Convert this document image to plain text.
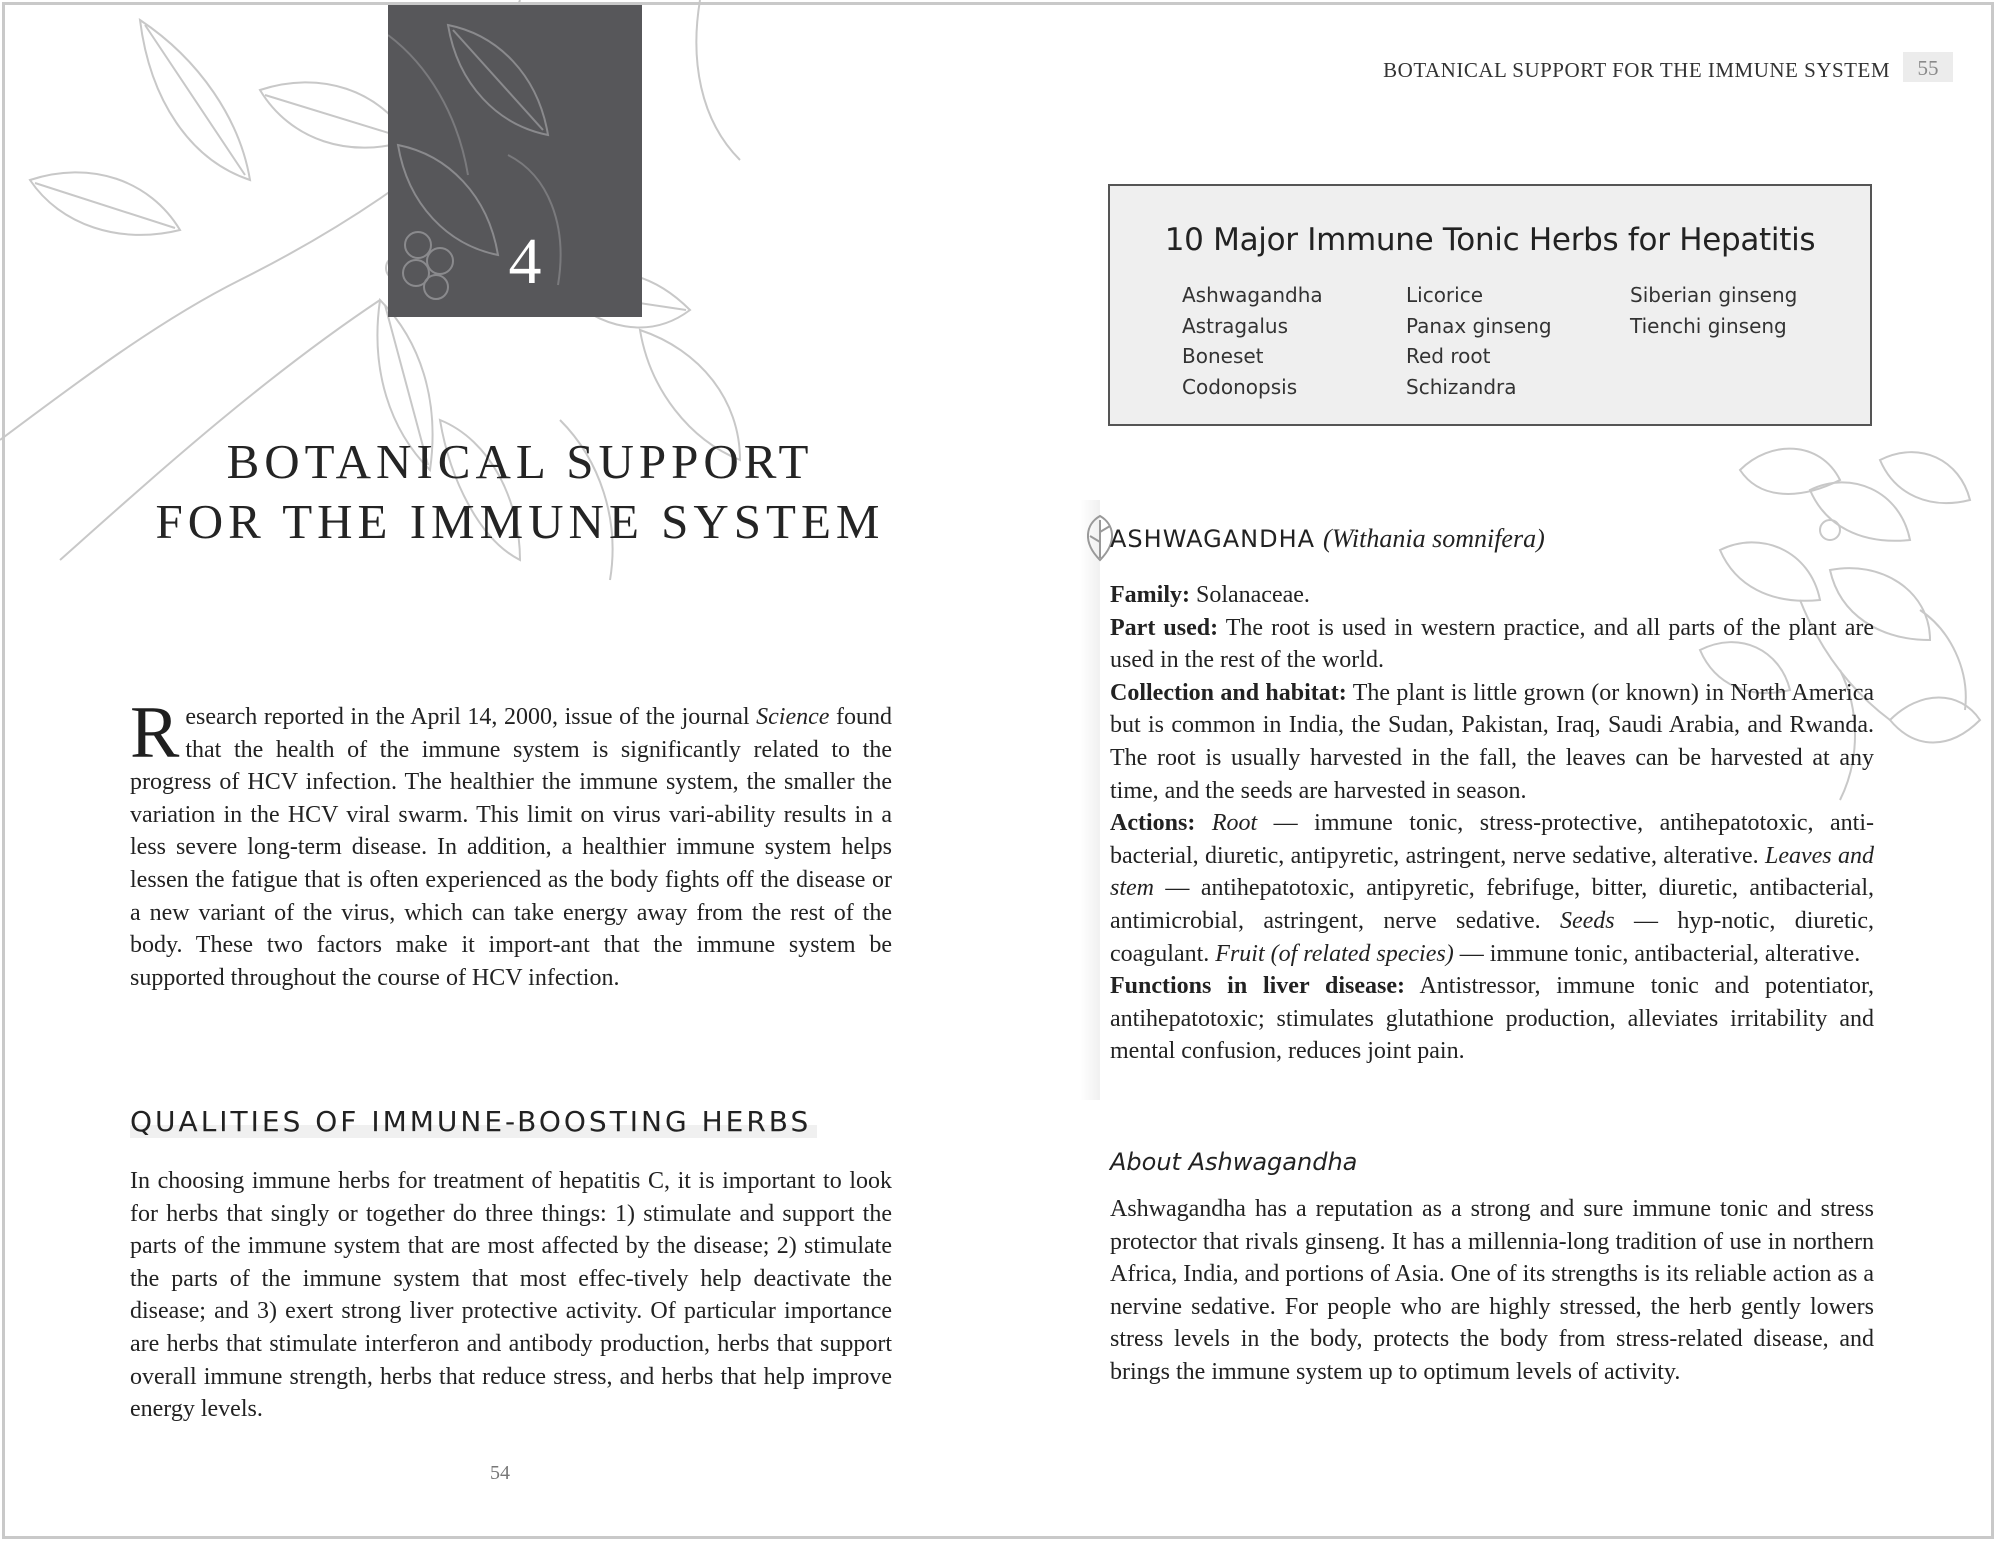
4
BOTANICAL SUPPORT
FOR THE IMMUNE SYSTEM

Research reported in the April 14, 2000, issue of the journal Science found that the health of the immune system is significantly related to the progress of HCV infection. The healthier the immune system, the smaller the variation in the HCV viral swarm. This limit on virus vari-ability results in a less severe long-term disease. In addition, a healthier immune system helps lessen the fatigue that is often experienced as the body fights off the disease or a new variant of the virus, which can take energy away from the rest of the body. These two factors make it import-ant that the immune system be supported throughout the course of HCV infection.

QUALITIES OF IMMUNE-BOOSTING HERBS

In choosing immune herbs for treatment of hepatitis C, it is important to look for herbs that singly or together do three things: 1) stimulate and support the parts of the immune system that are most affected by the disease; 2) stimulate the parts of the immune system that most effec-tively help deactivate the disease; and 3) exert strong liver protective activity. Of particular importance are herbs that stimulate interferon and antibody production, herbs that support overall immune strength, herbs that reduce stress, and herbs that help improve energy levels.

54
BOTANICAL SUPPORT FOR THE IMMUNE SYSTEM	55
10 Major Immune Tonic Herbs for Hepatitis
Ashwagandha
Astragalus
Boneset
Codonopsis
Licorice
Panax ginseng
Red root
Schizandra
Siberian ginseng
Tienchi ginseng
ASHWAGANDHA (Withania somnifera)

Family: Solanaceae.

Part used: The root is used in western practice, and all parts of the plant are used in the rest of the world.

Collection and habitat: The plant is little grown (or known) in North America but is common in India, the Sudan, Pakistan, Iraq, Saudi Arabia, and Rwanda. The root is usually harvested in the fall, the leaves can be harvested at any time, and the seeds are harvested in season.

Actions: Root — immune tonic, stress-protective, antihepatotoxic, anti-bacterial, diuretic, antipyretic, astringent, nerve sedative, alterative. Leaves and stem — antihepatotoxic, antipyretic, febrifuge, bitter, diuretic, antibacterial, antimicrobial, astringent, nerve sedative. Seeds — hyp-notic, diuretic, coagulant. Fruit (of related species) — immune tonic, antibacterial, alterative.

Functions in liver disease: Antistressor, immune tonic and potentiator, antihepatotoxic; stimulates glutathione production, alleviates irritability and mental confusion, reduces joint pain.

About Ashwagandha

Ashwagandha has a reputation as a strong and sure immune tonic and stress protector that rivals ginseng. It has a millennia-long tradition of use in northern Africa, India, and portions of Asia. One of its strengths is its reliable action as a nervine sedative. For people who are highly stressed, the herb gently lowers stress levels in the body, protects the body from stress-related disease, and brings the immune system up to optimum levels of activity.
